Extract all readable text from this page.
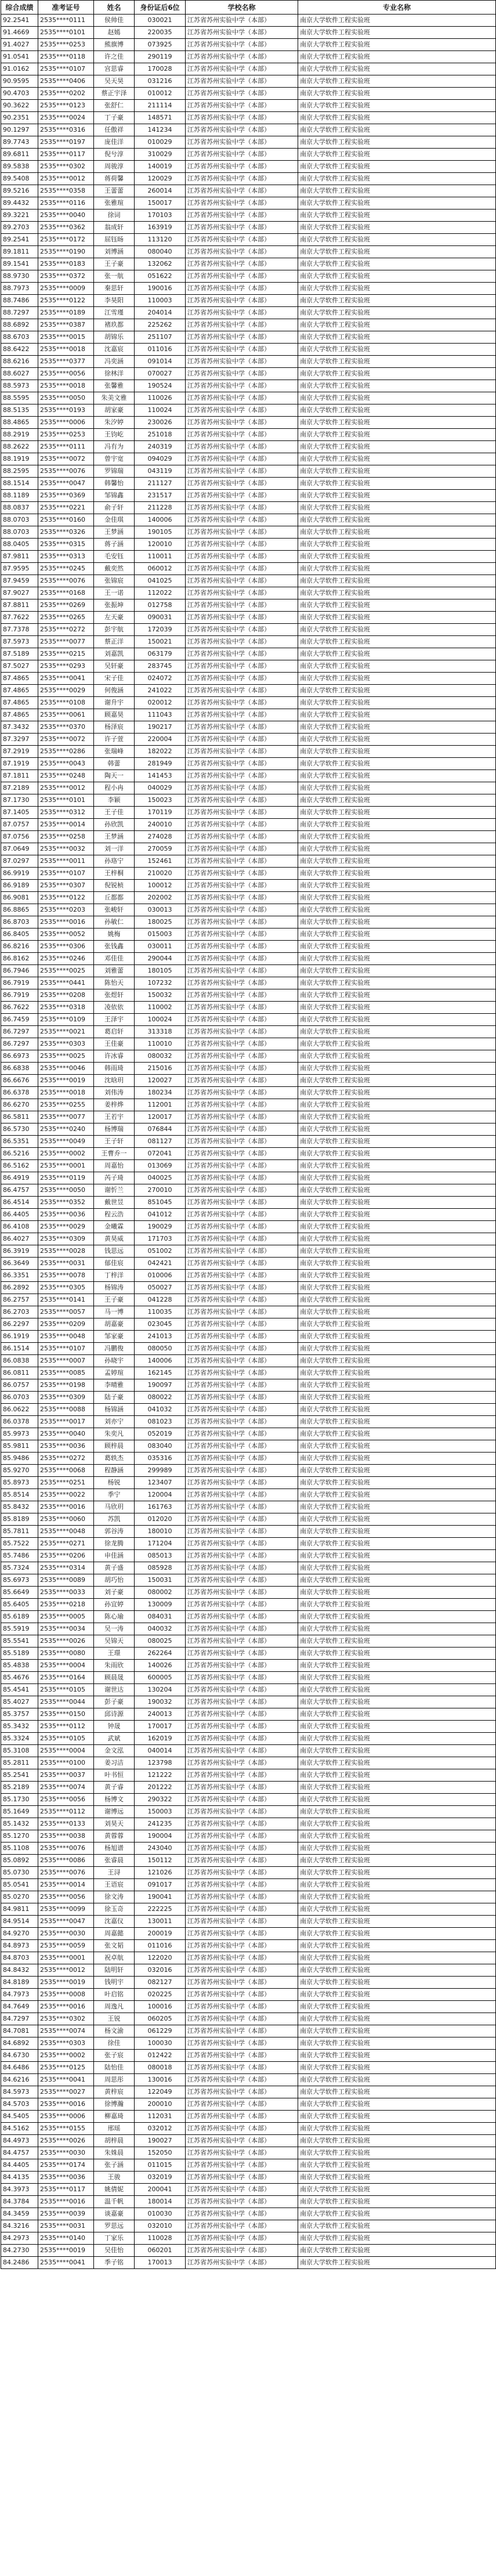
综合成绩	准考证号	姓名	身份证后6位	学校名称	专业名称
92.2541	2535****0111	侯帅佳	030021	江苏省苏州实验中学（本部）	南京大学软件工程实验班
91.4669	2535****0101	赵嫣	220035	江苏省苏州实验中学（本部）	南京大学软件工程实验班
91.4027	2535****0253	熊旗博	073925	江苏省苏州实验中学（本部）	南京大学软件工程实验班
91.0541	2535****0118	许之佳	290119	江苏省苏州实验中学（本部）	南京大学软件工程实验班
91.0162	2535****0107	宫思睿	170028	江苏省苏州实验中学（本部）	南京大学软件工程实验班
90.9595	2535****0406	吴天昊	031216	江苏省苏州实验中学（本部）	南京大学软件工程实验班
90.4703	2535****0202	蔡正宇泽	010012	江苏省苏州实验中学（本部）	南京大学软件工程实验班
90.3622	2535****0123	张舒仁	211114	江苏省苏州实验中学（本部）	南京大学软件工程实验班
90.2351	2535****0024	丁子豪	148571	江苏省苏州实验中学（本部）	南京大学软件工程实验班
90.1297	2535****0316	任傲祥	141234	江苏省苏州实验中学（本部）	南京大学软件工程实验班
89.7743	2535****0197	庞佳洋	010029	江苏省苏州实验中学（本部）	南京大学软件工程实验班
89.6811	2535****0117	倪兮淳	310029	江苏省苏州实验中学（本部）	南京大学软件工程实验班
89.5838	2535****0302	周骏淳	140019	江苏省苏州实验中学（本部）	南京大学软件工程实验班
89.5408	2535****0012	蒋荷馨	120029	江苏省苏州实验中学（本部）	南京大学软件工程实验班
89.5216	2535****0358	王蕾蕾	260014	江苏省苏州实验中学（本部）	南京大学软件工程实验班
89.4432	2535****0116	张雅瑄	150017	江苏省苏州实验中学（本部）	南京大学软件工程实验班
89.3221	2535****0040	徐词	170103	江苏省苏州实验中学（本部）	南京大学软件工程实验班
89.2703	2535****0362	翁成轩	163919	江苏省苏州实验中学（本部）	南京大学软件工程实验班
89.2541	2535****0172	屈钰旸	113120	江苏省苏州实验中学（本部）	南京大学软件工程实验班
89.1811	2535****0190	刘博涵	080040	江苏省苏州实验中学（本部）	南京大学软件工程实验班
89.1541	2535****0183	王子豪	132062	江苏省苏州实验中学（本部）	南京大学软件工程实验班
88.9730	2535****0372	张一航	051622	江苏省苏州实验中学（本部）	南京大学软件工程实验班
88.7973	2535****0009	秦思轩	190016	江苏省苏州实验中学（本部）	南京大学软件工程实验班
88.7486	2535****0122	李昊阳	110003	江苏省苏州实验中学（本部）	南京大学软件工程实验班
88.7297	2535****0189	江雪瑾	204014	江苏省苏州实验中学（本部）	南京大学软件工程实验班
88.6892	2535****0387	褚玖都	225262	江苏省苏州实验中学（本部）	南京大学软件工程实验班
88.6703	2535****0015	胡锦乐	251107	江苏省苏州实验中学（本部）	南京大学软件工程实验班
88.6422	2535****0018	沈嘉宸	011016	江苏省苏州实验中学（本部）	南京大学软件工程实验班
88.6216	2535****0377	冯奕涵	091014	江苏省苏州实验中学（本部）	南京大学软件工程实验班
88.6027	2535****0056	徐林洋	070027	江苏省苏州实验中学（本部）	南京大学软件工程实验班
88.5973	2535****0018	张馨雅	190524	江苏省苏州实验中学（本部）	南京大学软件工程实验班
88.5595	2535****0050	朱美文雅	110026	江苏省苏州实验中学（本部）	南京大学软件工程实验班
88.5135	2535****0193	胡家豪	110024	江苏省苏州实验中学（本部）	南京大学软件工程实验班
88.4865	2535****0006	朱汐婷	230026	江苏省苏州实验中学（本部）	南京大学软件工程实验班
88.2919	2535****0253	王钧屹	251018	江苏省苏州实验中学（本部）	南京大学软件工程实验班
88.2622	2535****0111	冯有为	240319	江苏省苏州实验中学（本部）	南京大学软件工程实验班
88.1919	2535****0072	曾宇宽	094029	江苏省苏州实验中学（本部）	南京大学软件工程实验班
88.2595	2535****0076	罗锦瑞	043119	江苏省苏州实验中学（本部）	南京大学软件工程实验班
88.1514	2535****0047	韩馨怡	211127	江苏省苏州实验中学（本部）	南京大学软件工程实验班
88.1189	2535****0369	邹锦鑫	231517	江苏省苏州实验中学（本部）	南京大学软件工程实验班
88.0837	2535****0221	俞子轩	211228	江苏省苏州实验中学（本部）	南京大学软件工程实验班
88.0703	2535****0160	金佳琪	140006	江苏省苏州实验中学（本部）	南京大学软件工程实验班
88.0703	2535****0326	王梦涵	190105	江苏省苏州实验中学（本部）	南京大学软件工程实验班
88.0405	2535****0315	蒋子涵	120010	江苏省苏州实验中学（本部）	南京大学软件工程实验班
87.9811	2535****0313	毛安钰	110011	江苏省苏州实验中学（本部）	南京大学软件工程实验班
87.9595	2535****0245	戴奕然	060012	江苏省苏州实验中学（本部）	南京大学软件工程实验班
87.9459	2535****0076	张锦宸	041025	江苏省苏州实验中学（本部）	南京大学软件工程实验班
87.9027	2535****0168	王一诺	112022	江苏省苏州实验中学（本部）	南京大学软件工程实验班
87.8811	2535****0269	张振坤	012758	江苏省苏州实验中学（本部）	南京大学软件工程实验班
87.7622	2535****0265	左天豪	090031	江苏省苏州实验中学（本部）	南京大学软件工程实验班
87.7378	2535****0272	彭宇航	172039	江苏省苏州实验中学（本部）	南京大学软件工程实验班
87.5973	2535****0077	蔡正洋	150021	江苏省苏州实验中学（本部）	南京大学软件工程实验班
87.5189	2535****0215	刘嘉凯	063179	江苏省苏州实验中学（本部）	南京大学软件工程实验班
87.5027	2535****0293	吴轩豪	283745	江苏省苏州实验中学（本部）	南京大学软件工程实验班
87.4865	2535****0041	宋子佳	024072	江苏省苏州实验中学（本部）	南京大学软件工程实验班
87.4865	2535****0029	何俊涵	241022	江苏省苏州实验中学（本部）	南京大学软件工程实验班
87.4865	2535****0108	谢升宇	020012	江苏省苏州实验中学（本部）	南京大学软件工程实验班
87.4865	2535****0061	顾嘉昊	111043	江苏省苏州实验中学（本部）	南京大学软件工程实验班
87.3432	2535****0370	杨泽宸	190217	江苏省苏州实验中学（本部）	南京大学软件工程实验班
87.3297	2535****0072	许子萱	220004	江苏省苏州实验中学（本部）	南京大学软件工程实验班
87.2919	2535****0286	张瑞峰	182022	江苏省苏州实验中学（本部）	南京大学软件工程实验班
87.1919	2535****0043	韩蕾	281949	江苏省苏州实验中学（本部）	南京大学软件工程实验班
87.1811	2535****0248	陶天一	141453	江苏省苏州实验中学（本部）	南京大学软件工程实验班
87.2189	2535****0012	程小冉	040029	江苏省苏州实验中学（本部）	南京大学软件工程实验班
87.1730	2535****0101	李颖	150023	江苏省苏州实验中学（本部）	南京大学软件工程实验班
87.1405	2535****0312	王子佳	170119	江苏省苏州实验中学（本部）	南京大学软件工程实验班
87.0757	2535****0014	孙欣凯	240010	江苏省苏州实验中学（本部）	南京大学软件工程实验班
87.0756	2535****0258	王梦涵	274028	江苏省苏州实验中学（本部）	南京大学软件工程实验班
87.0649	2535****0032	刘一洋	270059	江苏省苏州实验中学（本部）	南京大学软件工程实验班
87.0297	2535****0011	孙珞宁	152461	江苏省苏州实验中学（本部）	南京大学软件工程实验班
86.9919	2535****0107	王梓桐	210020	江苏省苏州实验中学（本部）	南京大学软件工程实验班
86.9189	2535****0307	倪锐桢	100012	江苏省苏州实验中学（本部）	南京大学软件工程实验班
86.9081	2535****0122	丘都都	202002	江苏省苏州实验中学（本部）	南京大学软件工程实验班
86.8865	2535****0203	张峻轩	030013	江苏省苏州实验中学（本部）	南京大学软件工程实验班
86.8703	2535****0016	孙敏仁	180025	江苏省苏州实验中学（本部）	南京大学软件工程实验班
86.8405	2535****0052	姚梅	015003	江苏省苏州实验中学（本部）	南京大学软件工程实验班
86.8216	2535****0306	张钱鑫	030011	江苏省苏州实验中学（本部）	南京大学软件工程实验班
86.8162	2535****0246	邓佳佳	290044	江苏省苏州实验中学（本部）	南京大学软件工程实验班
86.7946	2535****0025	刘雅蕾	180105	江苏省苏州实验中学（本部）	南京大学软件工程实验班
86.7919	2535****0441	陈怡天	107232	江苏省苏州实验中学（本部）	南京大学软件工程实验班
86.7919	2535****0208	张煜轩	150032	江苏省苏州实验中学（本部）	南京大学软件工程实验班
86.7622	2535****0318	凌依依	110002	江苏省苏州实验中学（本部）	南京大学软件工程实验班
86.7459	2535****0109	王泽宇	100024	江苏省苏州实验中学（本部）	南京大学软件工程实验班
86.7297	2535****0021	葛启轩	313318	江苏省苏州实验中学（本部）	南京大学软件工程实验班
86.7297	2535****0303	王佳豪	110010	江苏省苏州实验中学（本部）	南京大学软件工程实验班
86.6973	2535****0025	许冰睿	080032	江苏省苏州实验中学（本部）	南京大学软件工程实验班
86.6838	2535****0046	韩雨琦	215016	江苏省苏州实验中学（本部）	南京大学软件工程实验班
86.6676	2535****0019	沈晗玥	120027	江苏省苏州实验中学（本部）	南京大学软件工程实验班
86.6378	2535****0018	刘伟涛	180234	江苏省苏州实验中学（本部）	南京大学软件工程实验班
86.6270	2535****0255	姜梓烨	112001	江苏省苏州实验中学（本部）	南京大学软件工程实验班
86.5811	2535****0077	王若宇	120017	江苏省苏州实验中学（本部）	南京大学软件工程实验班
86.5730	2535****0240	杨博瑞	076844	江苏省苏州实验中学（本部）	南京大学软件工程实验班
86.5351	2535****0049	王子轩	081127	江苏省苏州实验中学（本部）	南京大学软件工程实验班
86.5216	2535****0002	王曹乔一	072041	江苏省苏州实验中学（本部）	南京大学软件工程实验班
86.5162	2535****0001	周嘉怡	013069	江苏省苏州实验中学（本部）	南京大学软件工程实验班
86.4919	2535****0119	芮子琦	040025	江苏省苏州实验中学（本部）	南京大学软件工程实验班
86.4757	2535****0050	谢忻兰	270010	江苏省苏州实验中学（本部）	南京大学软件工程实验班
86.4514	2535****0352	戴世昱	851045	江苏省苏州实验中学（本部）	南京大学软件工程实验班
86.4405	2535****0036	程云浩	041012	江苏省苏州实验中学（本部）	南京大学软件工程实验班
86.4108	2535****0029	金曦霖	190029	江苏省苏州实验中学（本部）	南京大学软件工程实验班
86.4027	2535****0309	黄昊威	171703	江苏省苏州实验中学（本部）	南京大学软件工程实验班
86.3919	2535****0028	钱思远	051002	江苏省苏州实验中学（本部）	南京大学软件工程实验班
86.3649	2535****0031	郁佳宸	042421	江苏省苏州实验中学（本部）	南京大学软件工程实验班
86.3351	2535****0078	丁梓洋	010006	江苏省苏州实验中学（本部）	南京大学软件工程实验班
86.2892	2535****0305	杨锦涛	050027	江苏省苏州实验中学（本部）	南京大学软件工程实验班
86.2757	2535****0141	王子豪	041228	江苏省苏州实验中学（本部）	南京大学软件工程实验班
86.2703	2535****0057	马一博	110035	江苏省苏州实验中学（本部）	南京大学软件工程实验班
86.2297	2535****0209	胡嘉豪	023045	江苏省苏州实验中学（本部）	南京大学软件工程实验班
86.1919	2535****0048	邹家豪	241013	江苏省苏州实验中学（本部）	南京大学软件工程实验班
86.1514	2535****0107	冯鹏俊	080050	江苏省苏州实验中学（本部）	南京大学软件工程实验班
86.0838	2535****0007	孙晓宇	140006	江苏省苏州实验中学（本部）	南京大学软件工程实验班
86.0811	2535****0085	孟婷瑄	162145	江苏省苏州实验中学（本部）	南京大学软件工程实验班
86.0757	2535****0198	李晴雅	190097	江苏省苏州实验中学（本部）	南京大学软件工程实验班
86.0703	2535****0309	陆子豪	080022	江苏省苏州实验中学（本部）	南京大学软件工程实验班
86.0622	2535****0088	杨锦涵	041032	江苏省苏州实验中学（本部）	南京大学软件工程实验班
86.0378	2535****0017	刘亦宁	081023	江苏省苏州实验中学（本部）	南京大学软件工程实验班
85.9973	2535****0040	朱奕凡	052019	江苏省苏州实验中学（本部）	南京大学软件工程实验班
85.9811	2535****0036	顾梓晨	083040	江苏省苏州实验中学（本部）	南京大学软件工程实验班
85.9486	2535****0272	葛轶杰	035316	江苏省苏州实验中学（本部）	南京大学软件工程实验班
85.9270	2535****0068	程静涵	299989	江苏省苏州实验中学（本部）	南京大学软件工程实验班
85.8973	2535****0251	杨锐	123407	江苏省苏州实验中学（本部）	南京大学软件工程实验班
85.8514	2535****0022	季宁	120004	江苏省苏州实验中学（本部）	南京大学软件工程实验班
85.8432	2535****0016	马欣玥	161763	江苏省苏州实验中学（本部）	南京大学软件工程实验班
85.8189	2535****0060	苏凯	012020	江苏省苏州实验中学（本部）	南京大学软件工程实验班
85.7811	2535****0048	郭谷涛	180010	江苏省苏州实验中学（本部）	南京大学软件工程实验班
85.7522	2535****0271	徐龙腾	171204	江苏省苏州实验中学（本部）	南京大学软件工程实验班
85.7486	2535****0206	申佳涵	085013	江苏省苏州实验中学（本部）	南京大学软件工程实验班
85.7324	2535****0314	黄子盛	085928	江苏省苏州实验中学（本部）	南京大学软件工程实验班
85.6973	2535****0089	胡巧怡	150031	江苏省苏州实验中学（本部）	南京大学软件工程实验班
85.6649	2535****0033	刘子豪	080002	江苏省苏州实验中学（本部）	南京大学软件工程实验班
85.6405	2535****0218	孙宜婷	130009	江苏省苏州实验中学（本部）	南京大学软件工程实验班
85.6189	2535****0005	陈心瑜	084031	江苏省苏州实验中学（本部）	南京大学软件工程实验班
85.5919	2535****0034	吴一涛	040032	江苏省苏州实验中学（本部）	南京大学软件工程实验班
85.5541	2535****0026	吴锦天	080025	江苏省苏州实验中学（本部）	南京大学软件工程实验班
85.5189	2535****0080	王璟	262264	江苏省苏州实验中学（本部）	南京大学软件工程实验班
85.4838	2535****0004	朱雨欣	140026	江苏省苏州实验中学（本部）	南京大学软件工程实验班
85.4676	2535****0164	顾晨晟	600005	江苏省苏州实验中学（本部）	南京大学软件工程实验班
85.4541	2535****0105	谢世达	130204	江苏省苏州实验中学（本部）	南京大学软件工程实验班
85.4027	2535****0044	彭子豪	190032	江苏省苏州实验中学（本部）	南京大学软件工程实验班
85.3757	2535****0150	邱诗源	240013	江苏省苏州实验中学（本部）	南京大学软件工程实验班
85.3432	2535****0112	钟晟	170017	江苏省苏州实验中学（本部）	南京大学软件工程实验班
85.3324	2535****0105	武斌	162019	江苏省苏州实验中学（本部）	南京大学软件工程实验班
85.3108	2535****0004	金文泓	040014	江苏省苏州实验中学（本部）	南京大学软件工程实验班
85.2811	2535****0100	姜习洁	123798	江苏省苏州实验中学（本部）	南京大学软件工程实验班
85.2541	2535****0037	叶书恒	121222	江苏省苏州实验中学（本部）	南京大学软件工程实验班
85.2189	2535****0074	黄子睿	201222	江苏省苏州实验中学（本部）	南京大学软件工程实验班
85.1730	2535****0056	杨博文	290322	江苏省苏州实验中学（本部）	南京大学软件工程实验班
85.1649	2535****0112	谢博远	150003	江苏省苏州实验中学（本部）	南京大学软件工程实验班
85.1432	2535****0133	刘昊天	241235	江苏省苏州实验中学（本部）	南京大学软件工程实验班
85.1270	2535****0038	黄蓉蓉	190004	江苏省苏州实验中学（本部）	南京大学软件工程实验班
85.1108	2535****0076	杨旭谱	243040	江苏省苏州实验中学（本部）	南京大学软件工程实验班
85.0892	2535****0086	张睿晨	150112	江苏省苏州实验中学（本部）	南京大学软件工程实验班
85.0730	2535****0076	王浔	121026	江苏省苏州实验中学（本部）	南京大学软件工程实验班
85.0541	2535****0014	王语宸	091017	江苏省苏州实验中学（本部）	南京大学软件工程实验班
85.0270	2535****0056	徐文涛	190041	江苏省苏州实验中学（本部）	南京大学软件工程实验班
84.9811	2535****0099	徐玉奇	222225	江苏省苏州实验中学（本部）	南京大学软件工程实验班
84.9514	2535****0047	沈嘉仪	130011	江苏省苏州实验中学（本部）	南京大学软件工程实验班
84.9270	2535****0030	周嘉懿	200019	江苏省苏州实验中学（本部）	南京大学软件工程实验班
84.8973	2535****0059	张文韬	011016	江苏省苏州实验中学（本部）	南京大学软件工程实验班
84.8703	2535****0001	祝卓航	122020	江苏省苏州实验中学（本部）	南京大学软件工程实验班
84.8432	2535****0012	陆明轩	032016	江苏省苏州实验中学（本部）	南京大学软件工程实验班
84.8189	2535****0019	钱明宇	082127	江苏省苏州实验中学（本部）	南京大学软件工程实验班
84.7973	2535****0008	叶启铭	020225	江苏省苏州实验中学（本部）	南京大学软件工程实验班
84.7649	2535****0016	周逸凡	100016	江苏省苏州实验中学（本部）	南京大学软件工程实验班
84.7297	2535****0302	王锐	060205	江苏省苏州实验中学（本部）	南京大学软件工程实验班
84.7081	2535****0074	杨文渝	061229	江苏省苏州实验中学（本部）	南京大学软件工程实验班
84.6892	2535****0303	徐佳	100030	江苏省苏州实验中学（本部）	南京大学软件工程实验班
84.6730	2535****0002	张子宸	012422	江苏省苏州实验中学（本部）	南京大学软件工程实验班
84.6486	2535****0125	陆怡佳	080018	江苏省苏州实验中学（本部）	南京大学软件工程实验班
84.6216	2535****0041	周思彤	130016	江苏省苏州实验中学（本部）	南京大学软件工程实验班
84.5973	2535****0027	黄梓宸	122049	江苏省苏州实验中学（本部）	南京大学软件工程实验班
84.5703	2535****0016	徐博瀚	200010	江苏省苏州实验中学（本部）	南京大学软件工程实验班
84.5405	2535****0006	柳嘉琦	112031	江苏省苏州实验中学（本部）	南京大学软件工程实验班
84.5162	2535****0155	邢瑶	032012	江苏省苏州实验中学（本部）	南京大学软件工程实验班
84.4973	2535****0026	胡梓晨	190027	江苏省苏州实验中学（本部）	南京大学软件工程实验班
84.4757	2535****0030	朱姝晨	152050	江苏省苏州实验中学（本部）	南京大学软件工程实验班
84.4405	2535****0174	张子涵	011015	江苏省苏州实验中学（本部）	南京大学软件工程实验班
84.4135	2535****0036	王骏	032019	江苏省苏州实验中学（本部）	南京大学软件工程实验班
84.3973	2535****0117	姚倩妮	200041	江苏省苏州实验中学（本部）	南京大学软件工程实验班
84.3784	2535****0016	温千帆	180014	江苏省苏州实验中学（本部）	南京大学软件工程实验班
84.3459	2535****0039	谈嘉豪	010030	江苏省苏州实验中学（本部）	南京大学软件工程实验班
84.3216	2535****0031	罗思远	032010	江苏省苏州实验中学（本部）	南京大学软件工程实验班
84.2973	2535****0140	丁家乐	110028	江苏省苏州实验中学（本部）	南京大学软件工程实验班
84.2730	2535****0019	吴佳怡	060201	江苏省苏州实验中学（本部）	南京大学软件工程实验班
84.2486	2535****0041	季子铭	170013	江苏省苏州实验中学（本部）	南京大学软件工程实验班
